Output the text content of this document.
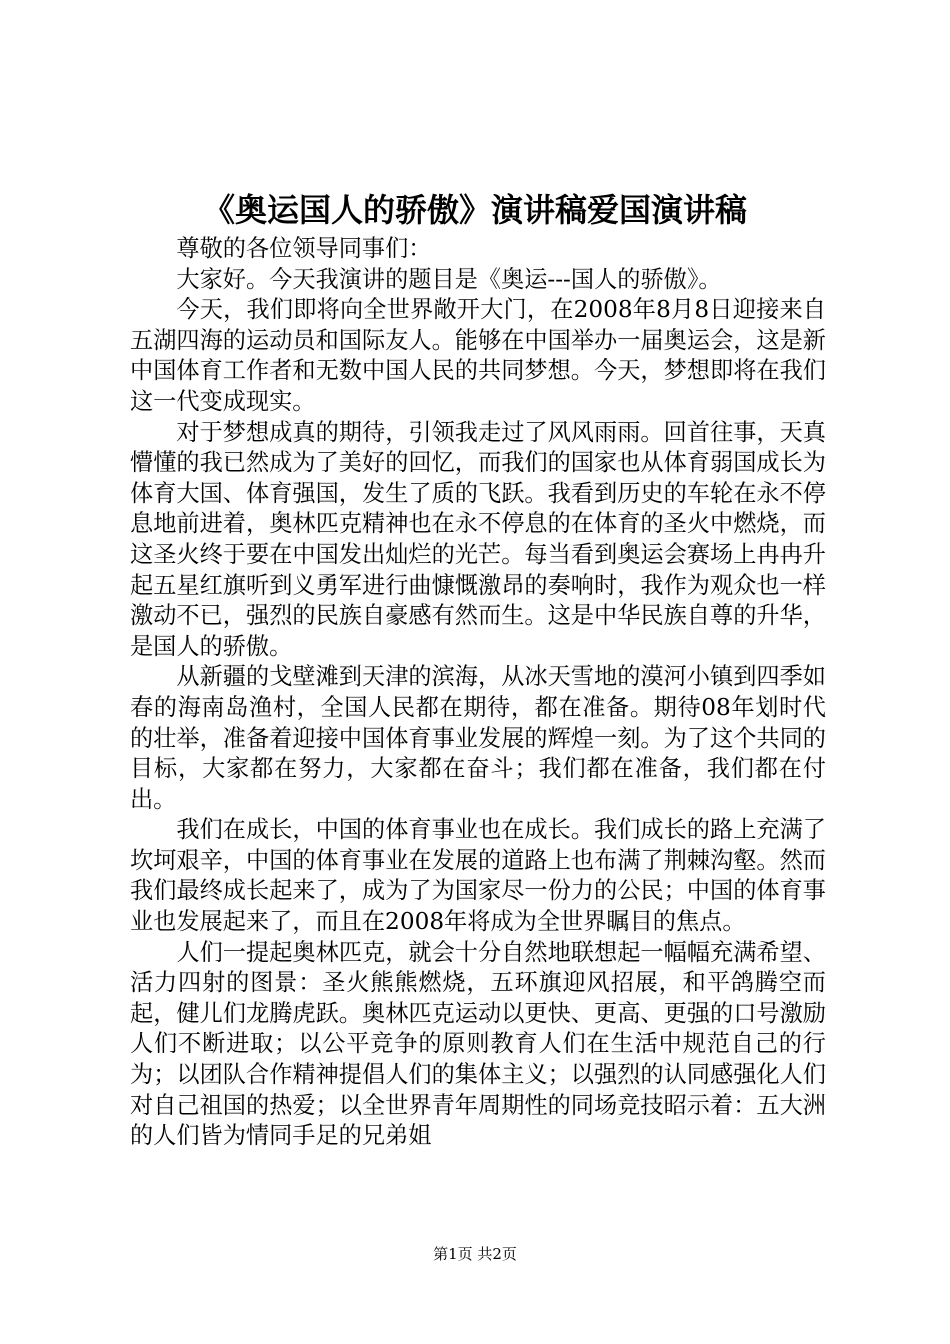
《奥运国人的骄傲》演讲稿爱国演讲稿

尊敬的各位领导同事们：

大家好。今天我演讲的题目是《奥运---国人的骄傲》。

今天，我们即将向全世界敞开大门，在2008年8月8日迎接来自五湖四海的运动员和国际友人。能够在中国举办一届奥运会，这是新中国体育工作者和无数中国人民的共同梦想。今天，梦想即将在我们这一代变成现实。

对于梦想成真的期待，引领我走过了风风雨雨。回首往事，天真懵懂的我已然成为了美好的回忆，而我们的国家也从体育弱国成长为体育大国、体育强国，发生了质的飞跃。我看到历史的车轮在永不停息地前进着，奥林匹克精神也在永不停息的在体育的圣火中燃烧，而这圣火终于要在中国发出灿烂的光芒。每当看到奥运会赛场上冉冉升起五星红旗听到义勇军进行曲慷慨激昂的奏响时，我作为观众也一样激动不已，强烈的民族自豪感有然而生。这是中华民族自尊的升华，是国人的骄傲。

从新疆的戈壁滩到天津的滨海，从冰天雪地的漠河小镇到四季如春的海南岛渔村，全国人民都在期待，都在准备。期待08年划时代的壮举，准备着迎接中国体育事业发展的辉煌一刻。为了这个共同的目标，大家都在努力，大家都在奋斗；我们都在准备，我们都在付出。

我们在成长，中国的体育事业也在成长。我们成长的路上充满了坎坷艰辛，中国的体育事业在发展的道路上也布满了荆棘沟壑。然而我们最终成长起来了，成为了为国家尽一份力的公民；中国的体育事业也发展起来了，而且在2008年将成为全世界瞩目的焦点。

人们一提起奥林匹克，就会十分自然地联想起一幅幅充满希望、活力四射的图景：圣火熊熊燃烧，五环旗迎风招展，和平鸽腾空而起，健儿们龙腾虎跃。奥林匹克运动以更快、更高、更强的口号激励人们不断进取；以公平竞争的原则教育人们在生活中规范自己的行为；以团队合作精神提倡人们的集体主义；以强烈的认同感强化人们对自己祖国的热爱；以全世界青年周期性的同场竞技昭示着：五大洲的人们皆为情同手足的兄弟姐

第1页 共2页
